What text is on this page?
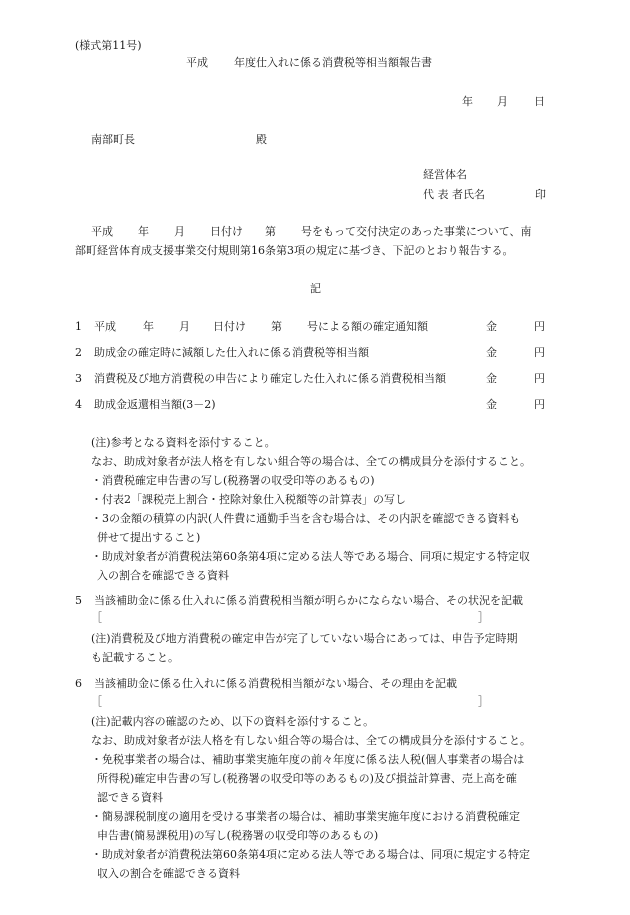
(様式第11号)
平成 年度仕入れに係る消費税等相当額報告書
年 月 日
南部町長	殿
経営体名
代 表 者氏名	印
平成 年 月 日付け 第 号をもって交付決定のあった事業について、南
部町経営体育成支援事業交付規則第16条第3項の規定に基づき、下記のとおり報告する。
記
1 平成 年 月 日付け 第 号による額の確定通知額	金	円
2 助成金の確定時に減額した仕入れに係る消費税等相当額	金	円
3 消費税及び地方消費税の申告により確定した仕入れに係る消費税相当額	金	円
4 助成金返還相当額(3－2)	金	円
(注)参考となる資料を添付すること。
なお、助成対象者が法人格を有しない組合等の場合は、全ての構成員分を添付すること。
・消費税確定申告書の写し(税務署の収受印等のあるもの)
・付表2「課税売上割合・控除対象仕入税額等の計算表」の写し
・3の金額の積算の内訳(人件費に通勤手当を含む場合は、その内訳を確認できる資料も
併せて提出すること)
・助成対象者が消費税法第60条第4項に定める法人等である場合、同項に規定する特定収
入の割合を確認できる資料
5 当該補助金に係る仕入れに係る消費税相当額が明らかにならない場合、その状況を記載
［	］
(注)消費税及び地方消費税の確定申告が完了していない場合にあっては、申告予定時期
も記載すること。
6 当該補助金に係る仕入れに係る消費税相当額がない場合、その理由を記載
［	］
(注)記載内容の確認のため、以下の資料を添付すること。
なお、助成対象者が法人格を有しない組合等の場合は、全ての構成員分を添付すること。
・免税事業者の場合は、補助事業実施年度の前々年度に係る法人税(個人事業者の場合は
所得税)確定申告書の写し(税務署の収受印等のあるもの)及び損益計算書、売上高を確
認できる資料
・簡易課税制度の適用を受ける事業者の場合は、補助事業実施年度における消費税確定
申告書(簡易課税用)の写し(税務署の収受印等のあるもの)
・助成対象者が消費税法第60条第4項に定める法人等である場合は、同項に規定する特定
収入の割合を確認できる資料
